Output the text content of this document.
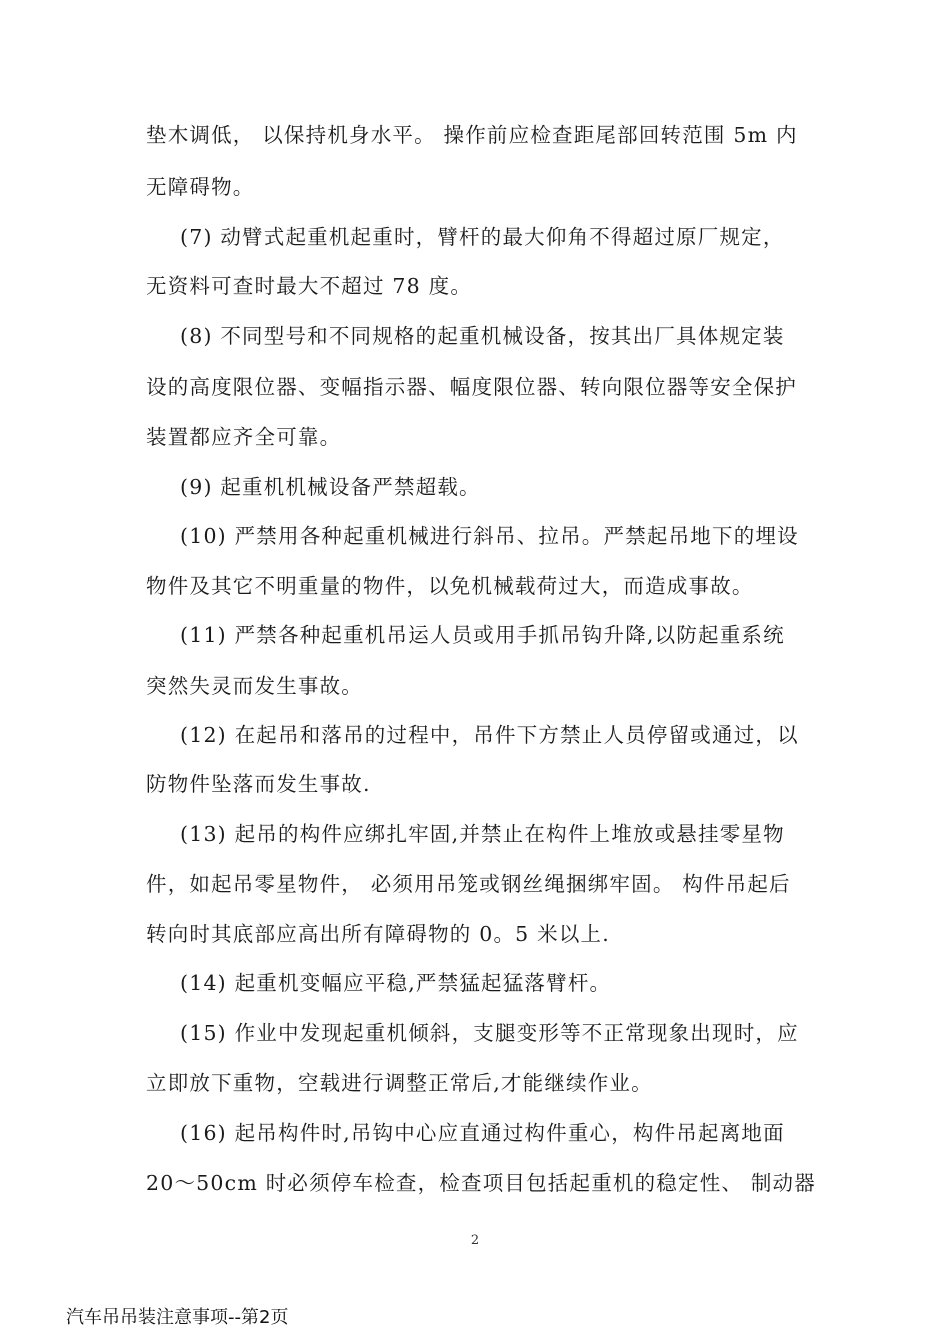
垫木调低， 以保持机身水平。 操作前应检查距尾部回转范围 5m 内
无障碍物。
(7) 动臂式起重机起重时，臂杆的最大仰角不得超过原厂规定，
无资料可查时最大不超过 78 度。
(8) 不同型号和不同规格的起重机械设备，按其出厂具体规定装
设的高度限位器、变幅指示器、幅度限位器、转向限位器等安全保护
装置都应齐全可靠。
(9) 起重机机械设备严禁超载。
(10) 严禁用各种起重机械进行斜吊、拉吊。严禁起吊地下的埋设
物件及其它不明重量的物件，以免机械载荷过大，而造成事故。
(11) 严禁各种起重机吊运人员或用手抓吊钩升降,以防起重系统
突然失灵而发生事故。
(12) 在起吊和落吊的过程中，吊件下方禁止人员停留或通过，以
防物件坠落而发生事故.
(13) 起吊的构件应绑扎牢固,并禁止在构件上堆放或悬挂零星物
件，如起吊零星物件， 必须用吊笼或钢丝绳捆绑牢固。 构件吊起后
转向时其底部应高出所有障碍物的 0。5 米以上.
(14) 起重机变幅应平稳,严禁猛起猛落臂杆。
(15) 作业中发现起重机倾斜，支腿变形等不正常现象出现时，应
立即放下重物，空载进行调整正常后,才能继续作业。
(16) 起吊构件时,吊钩中心应直通过构件重心，构件吊起离地面
20～50cm 时必须停车检查，检查项目包括起重机的稳定性、 制动器
2
汽车吊吊装注意事项--第2页
